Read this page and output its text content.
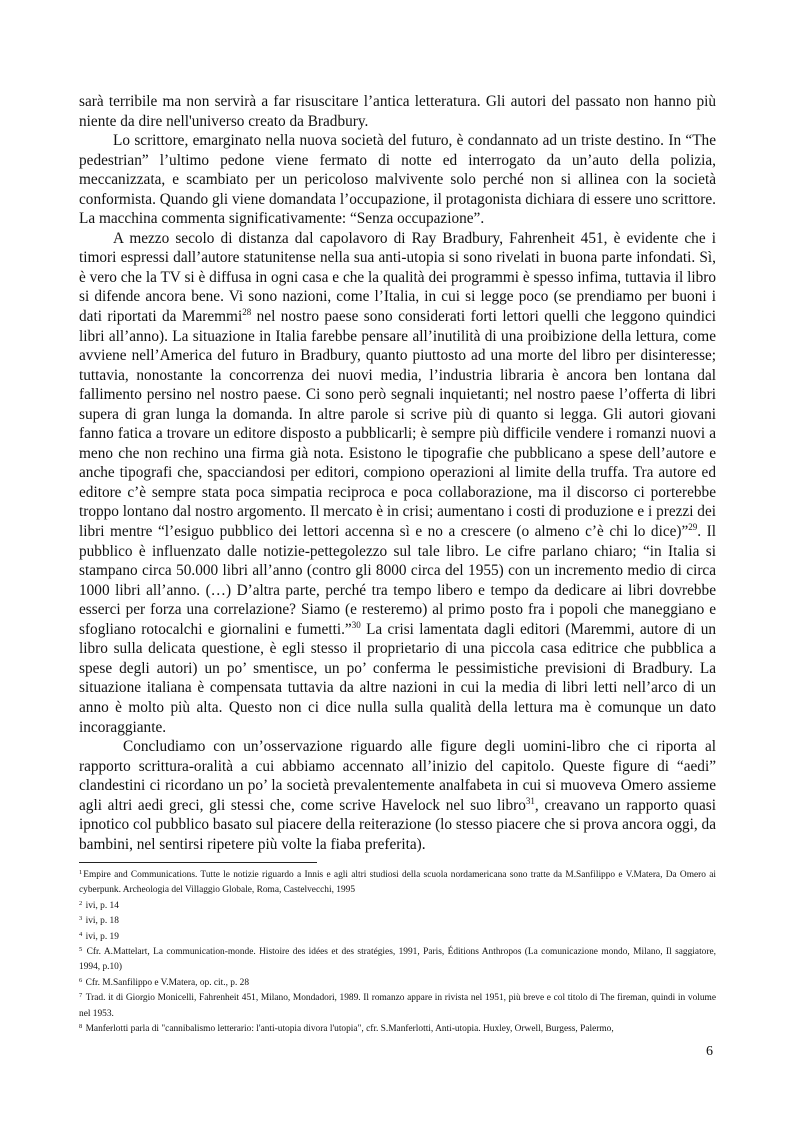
sarà terribile ma non servirà a far risuscitare l’antica letteratura. Gli autori del passato non hanno più niente da dire nell'universo creato da Bradbury.

Lo scrittore, emarginato nella nuova società del futuro, è condannato ad un triste destino. In “The pedestrian” l’ultimo pedone viene fermato di notte ed interrogato da un’auto della polizia, meccanizzata, e scambiato per un pericoloso malvivente solo perché non si allinea con la società conformista. Quando gli viene domandata l’occupazione, il protagonista dichiara di essere uno scrittore. La macchina commenta significativamente: “Senza occupazione”.

A mezzo secolo di distanza dal capolavoro di Ray Bradbury, Fahrenheit 451, è evidente che i timori espressi dall’autore statunitense nella sua anti-utopia si sono rivelati in buona parte infondati. Sì, è vero che la TV si è diffusa in ogni casa e che la qualità dei programmi è spesso infima, tuttavia il libro si difende ancora bene. Vi sono nazioni, come l’Italia, in cui si legge poco (se prendiamo per buoni i dati riportati da Maremmi$^{28}$ nel nostro paese sono considerati forti lettori quelli che leggono quindici libri all’anno). La situazione in Italia farebbe pensare all’inutilità di una proibizione della lettura, come avviene nell’America del futuro in Bradbury, quanto piuttosto ad una morte del libro per disinteresse; tuttavia, nonostante la concorrenza dei nuovi media, l’industria libraria è ancora ben lontana dal fallimento persino nel nostro paese. Ci sono però segnali inquietanti; nel nostro paese l’offerta di libri supera di gran lunga la domanda. In altre parole si scrive più di quanto si legga. Gli autori giovani fanno fatica a trovare un editore disposto a pubblicarli; è sempre più difficile vendere i romanzi nuovi a meno che non rechino una firma già nota. Esistono le tipografie che pubblicano a spese dell’autore e anche tipografi che, spacciandosi per editori, compiono operazioni al limite della truffa. Tra autore ed editore c’è sempre stata poca simpatia reciproca e poca collaborazione, ma il discorso ci porterebbe troppo lontano dal nostro argomento. Il mercato è in crisi; aumentano i costi di produzione e i prezzi dei libri mentre “l’esiguo pubblico dei lettori accenna sì e no a crescere (o almeno c’è chi lo dice)”$^{29}$. Il pubblico è influenzato dalle notizie-pettegolezzo sul tale libro. Le cifre parlano chiaro; “in Italia si stampano circa 50.000 libri all’anno (contro gli 8000 circa del 1955) con un incremento medio di circa 1000 libri all’anno. (…) D’altra parte, perché tra tempo libero e tempo da dedicare ai libri dovrebbe esserci per forza una correlazione? Siamo (e resteremo) al primo posto fra i popoli che maneggiano e sfogliano rotocalchi e giornalini e fumetti.”$^{30}$ La crisi lamentata dagli editori (Maremmi, autore di un libro sulla delicata questione, è egli stesso il proprietario di una piccola casa editrice che pubblica a spese degli autori) un po’ smentisce, un po’ conferma le pessimistiche previsioni di Bradbury. La situazione italiana è compensata tuttavia da altre nazioni in cui la media di libri letti nell’arco di un anno è molto più alta. Questo non ci dice nulla sulla qualità della lettura ma è comunque un dato incoraggiante.

Concludiamo con un’osservazione riguardo alle figure degli uomini-libro che ci riporta al rapporto scrittura-oralità a cui abbiamo accennato all’inizio del capitolo. Queste figure di “aedi” clandestini ci ricordano un po’ la società prevalentemente analfabeta in cui si muoveva Omero assieme agli altri aedi greci, gli stessi che, come scrive Havelock nel suo libro$^{31}$, creavano un rapporto quasi ipnotico col pubblico basato sul piacere della reiterazione (lo stesso piacere che si prova ancora oggi, da bambini, nel sentirsi ripetere più volte la fiaba preferita).

$^1$Empire and Communications. Tutte le notizie riguardo a Innis e agli altri studiosi della scuola nordamericana sono tratte da M.Sanfilippo e V.Matera, Da Omero ai cyberpunk. Archeologia del Villaggio Globale, Roma, Castelvecchi, 1995

$^2$ ivi, p. 14

$^3$ ivi, p. 18

$^4$ ivi, p. 19

$^5$ Cfr. A.Mattelart, La communication-monde. Histoire des idées et des stratégies, 1991, Paris, Éditions Anthropos (La comunicazione mondo, Milano, Il saggiatore, 1994, p.10)

$^6$ Cfr. M.Sanfilippo e V.Matera, op. cit., p. 28

$^7$ Trad. it di Giorgio Monicelli, Fahrenheit 451, Milano, Mondadori, 1989. Il romanzo appare in rivista nel 1951, più breve e col titolo di The fireman, quindi in volume nel 1953.

$^8$ Manferlotti parla di "cannibalismo letterario: l'anti-utopia divora l'utopia", cfr. S.Manferlotti, Anti-utopia. Huxley, Orwell, Burgess, Palermo,

6
